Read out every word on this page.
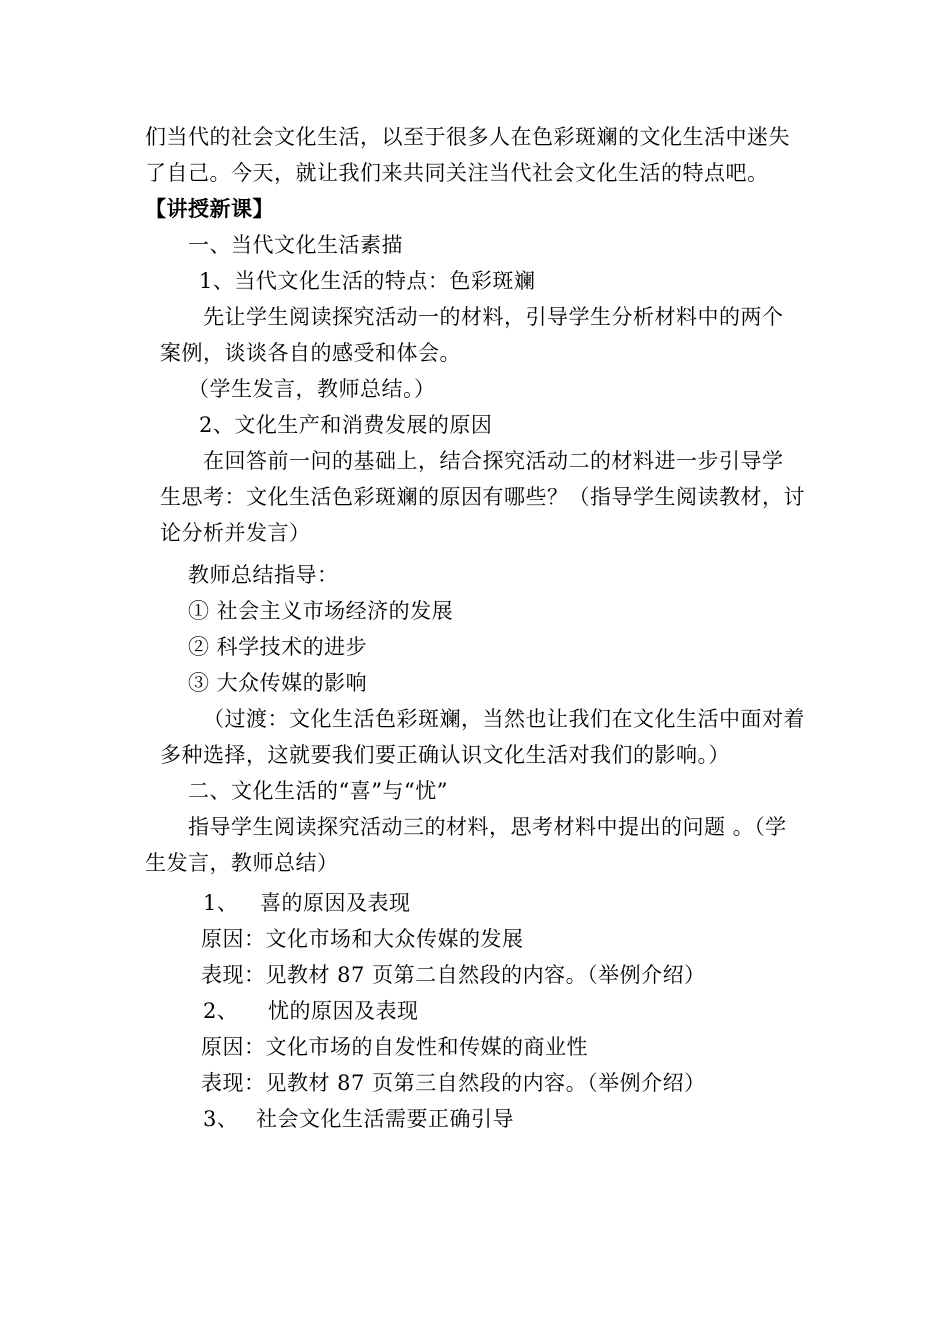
们当代的社会文化生活，以至于很多人在色彩斑斓的文化生活中迷失
了自己。今天，就让我们来共同关注当代社会文化生活的特点吧。
【讲授新课】
一、当代文化生活素描
1、当代文化生活的特点：色彩斑斓
先让学生阅读探究活动一的材料，引导学生分析材料中的两个
案例，谈谈各自的感受和体会。
（学生发言，教师总结。）
2、文化生产和消费发展的原因
在回答前一问的基础上，结合探究活动二的材料进一步引导学
生思考：文化生活色彩斑斓的原因有哪些？（指导学生阅读教材，讨
论分析并发言）
教师总结指导：
① 社会主义市场经济的发展
② 科学技术的进步
③ 大众传媒的影响
（过渡：文化生活色彩斑斓，当然也让我们在文化生活中面对着
多种选择，这就要我们要正确认识文化生活对我们的影响。）
二、文化生活的“喜”与“忧”
指导学生阅读探究活动三的材料，思考材料中提出的问题 。（学
生发言，教师总结）
1、 喜的原因及表现
原因：文化市场和大众传媒的发展
表现：见教材 87 页第二自然段的内容。（举例介绍）
2、 忧的原因及表现
原因：文化市场的自发性和传媒的商业性
表现：见教材 87 页第三自然段的内容。（举例介绍）
3、 社会文化生活需要正确引导
